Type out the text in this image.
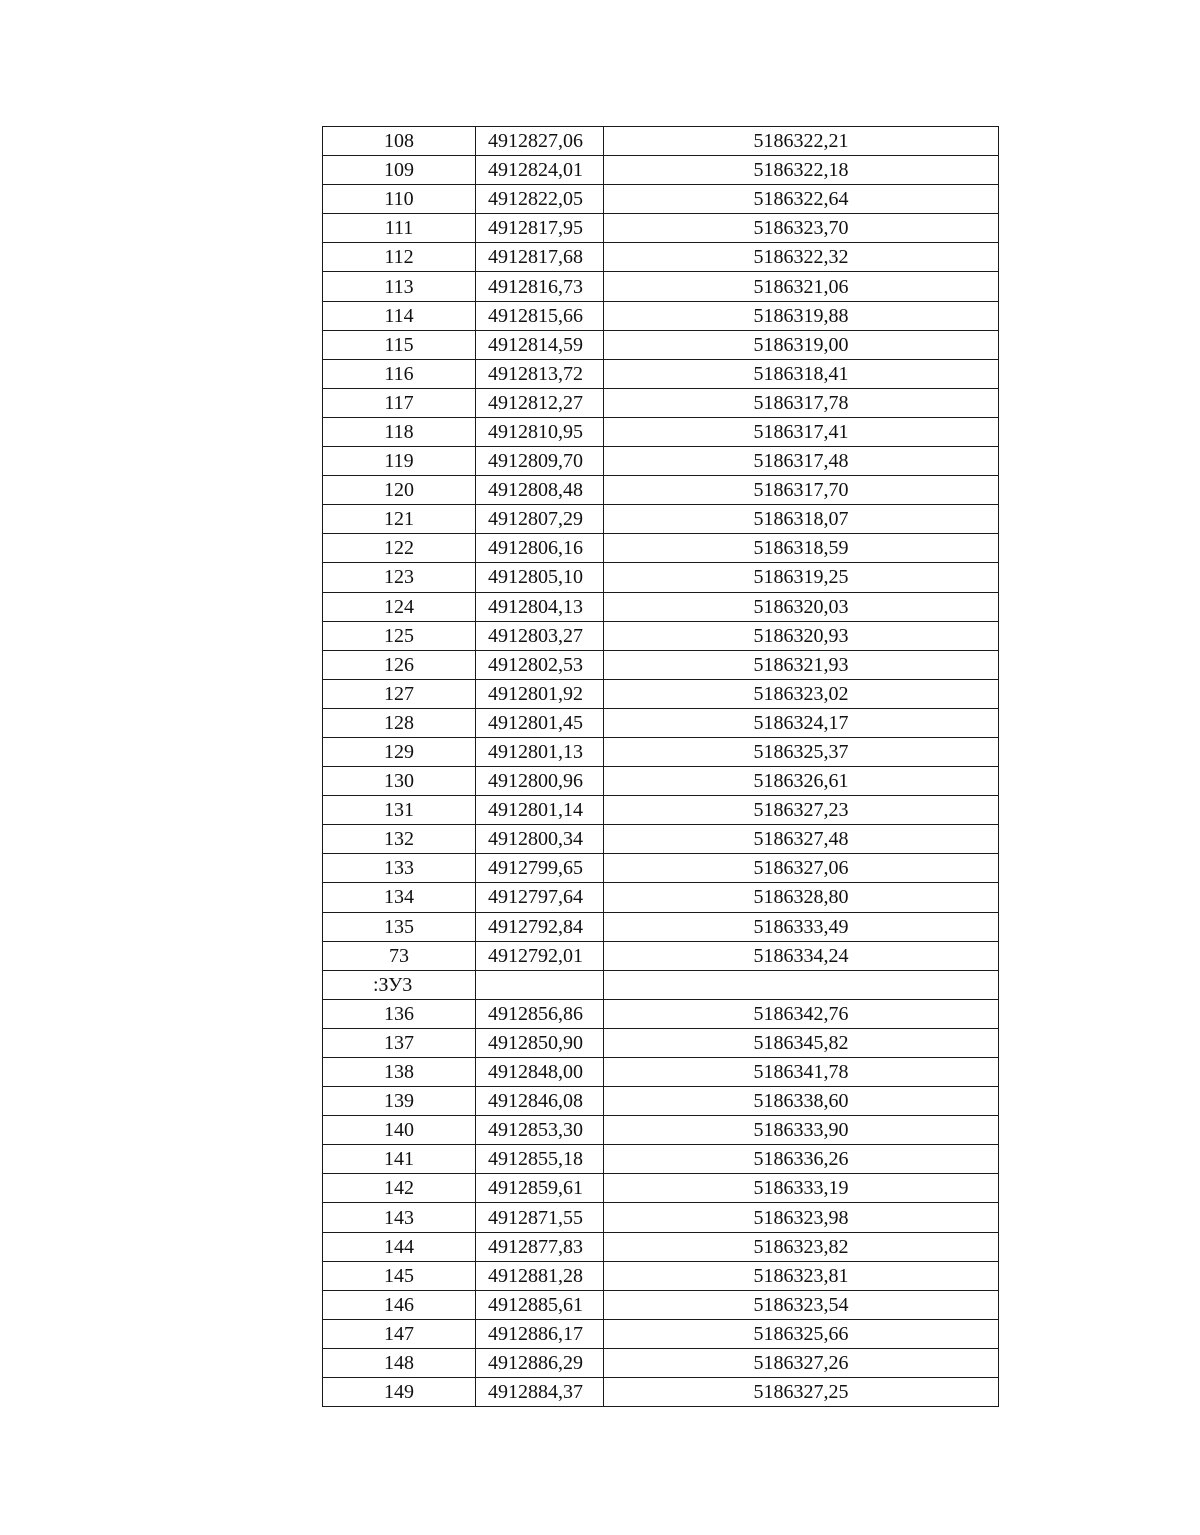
108	4912827,06	5186322,21
109	4912824,01	5186322,18
110	4912822,05	5186322,64
111	4912817,95	5186323,70
112	4912817,68	5186322,32
113	4912816,73	5186321,06
114	4912815,66	5186319,88
115	4912814,59	5186319,00
116	4912813,72	5186318,41
117	4912812,27	5186317,78
118	4912810,95	5186317,41
119	4912809,70	5186317,48
120	4912808,48	5186317,70
121	4912807,29	5186318,07
122	4912806,16	5186318,59
123	4912805,10	5186319,25
124	4912804,13	5186320,03
125	4912803,27	5186320,93
126	4912802,53	5186321,93
127	4912801,92	5186323,02
128	4912801,45	5186324,17
129	4912801,13	5186325,37
130	4912800,96	5186326,61
131	4912801,14	5186327,23
132	4912800,34	5186327,48
133	4912799,65	5186327,06
134	4912797,64	5186328,80
135	4912792,84	5186333,49
73	4912792,01	5186334,24
:ЗУ3		
136	4912856,86	5186342,76
137	4912850,90	5186345,82
138	4912848,00	5186341,78
139	4912846,08	5186338,60
140	4912853,30	5186333,90
141	4912855,18	5186336,26
142	4912859,61	5186333,19
143	4912871,55	5186323,98
144	4912877,83	5186323,82
145	4912881,28	5186323,81
146	4912885,61	5186323,54
147	4912886,17	5186325,66
148	4912886,29	5186327,26
149	4912884,37	5186327,25
